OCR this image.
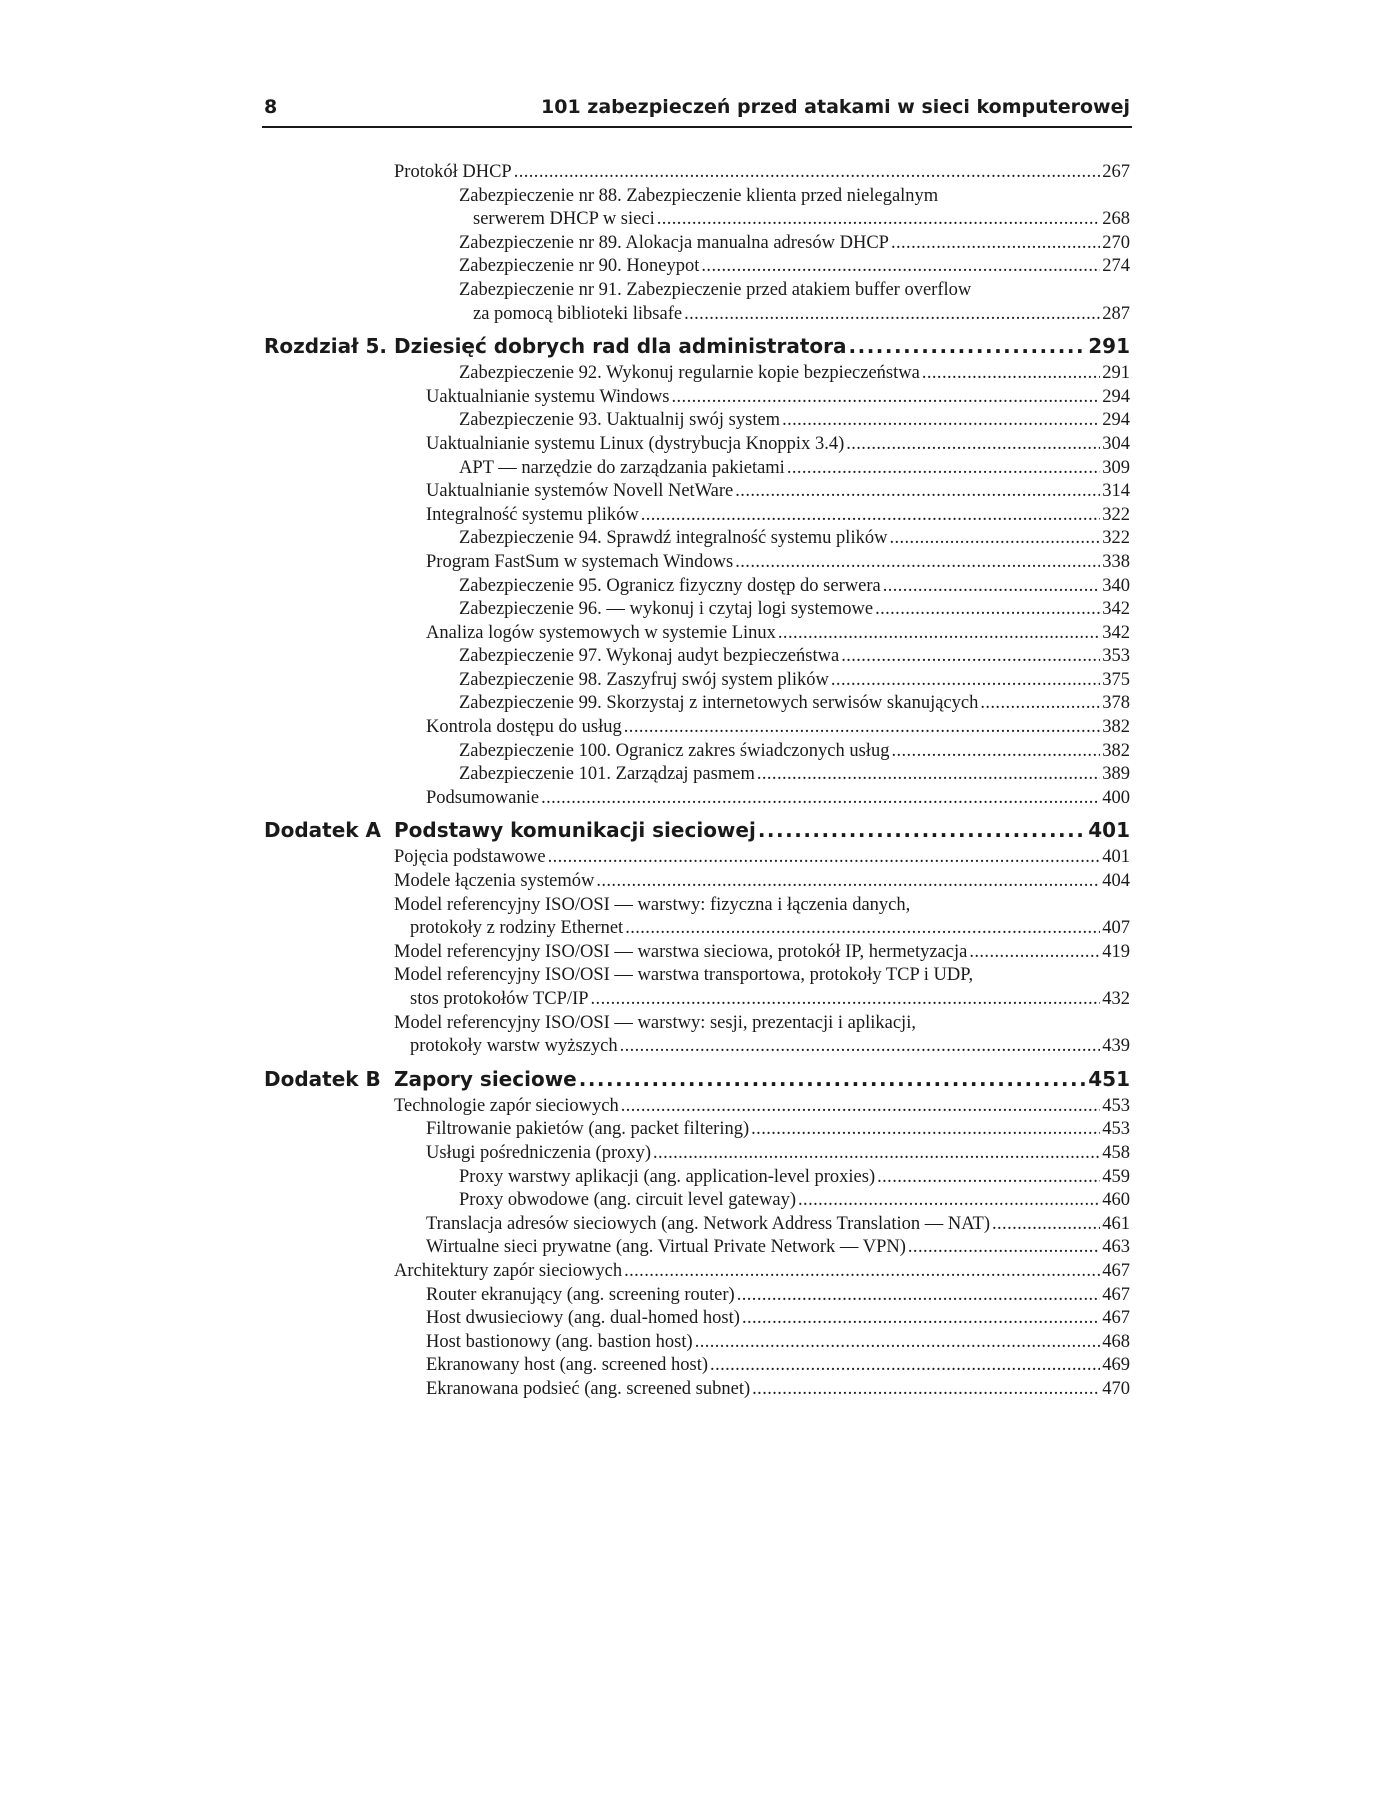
8	101 zabezpieczeń przed atakami w sieci komputerowej
Protokół DHCP .....	267
Zabezpieczenie nr 88. Zabezpieczenie klienta przed nielegalnym
serwerem DHCP w sieci .....	268
Zabezpieczenie nr 89. Alokacja manualna adresów DHCP .....	270
Zabezpieczenie nr 90. Honeypot .....	274
Zabezpieczenie nr 91. Zabezpieczenie przed atakiem buffer overflow
za pomocą biblioteki libsafe .....	287
Rozdział 5. Dziesięć dobrych rad dla administratora .....	291
Zabezpieczenie 92. Wykonuj regularnie kopie bezpieczeństwa .....	291
Uaktualnianie systemu Windows .....	294
Zabezpieczenie 93. Uaktualnij swój system .....	294
Uaktualnianie systemu Linux (dystrybucja Knoppix 3.4) .....	304
APT — narzędzie do zarządzania pakietami .....	309
Uaktualnianie systemów Novell NetWare .....	314
Integralność systemu plików .....	322
Zabezpieczenie 94. Sprawdź integralność systemu plików .....	322
Program FastSum w systemach Windows .....	338
Zabezpieczenie 95. Ogranicz fizyczny dostęp do serwera .....	340
Zabezpieczenie 96. — wykonuj i czytaj logi systemowe .....	342
Analiza logów systemowych w systemie Linux .....	342
Zabezpieczenie 97. Wykonaj audyt bezpieczeństwa .....	353
Zabezpieczenie 98. Zaszyfruj swój system plików .....	375
Zabezpieczenie 99. Skorzystaj z internetowych serwisów skanujących .....	378
Kontrola dostępu do usług .....	382
Zabezpieczenie 100. Ogranicz zakres świadczonych usług .....	382
Zabezpieczenie 101. Zarządzaj pasmem .....	389
Podsumowanie .....	400
Dodatek A Podstawy komunikacji sieciowej .....	401
Pojęcia podstawowe .....	401
Modele łączenia systemów .....	404
Model referencyjny ISO/OSI — warstwy: fizyczna i łączenia danych,
protokoły z rodziny Ethernet .....	407
Model referencyjny ISO/OSI — warstwa sieciowa, protokół IP, hermetyzacja .....	419
Model referencyjny ISO/OSI — warstwa transportowa, protokoły TCP i UDP,
stos protokołów TCP/IP .....	432
Model referencyjny ISO/OSI — warstwy: sesji, prezentacji i aplikacji,
protokoły warstw wyższych .....	439
Dodatek B Zapory sieciowe .....	451
Technologie zapór sieciowych .....	453
Filtrowanie pakietów (ang. packet filtering) .....	453
Usługi pośredniczenia (proxy) .....	458
Proxy warstwy aplikacji (ang. application-level proxies) .....	459
Proxy obwodowe (ang. circuit level gateway) .....	460
Translacja adresów sieciowych (ang. Network Address Translation — NAT) .....	461
Wirtualne sieci prywatne (ang. Virtual Private Network — VPN) .....	463
Architektury zapór sieciowych .....	467
Router ekranujący (ang. screening router) .....	467
Host dwusieciowy (ang. dual-homed host) .....	467
Host bastionowy (ang. bastion host) .....	468
Ekranowany host (ang. screened host) .....	469
Ekranowana podsieć (ang. screened subnet) .....	470
